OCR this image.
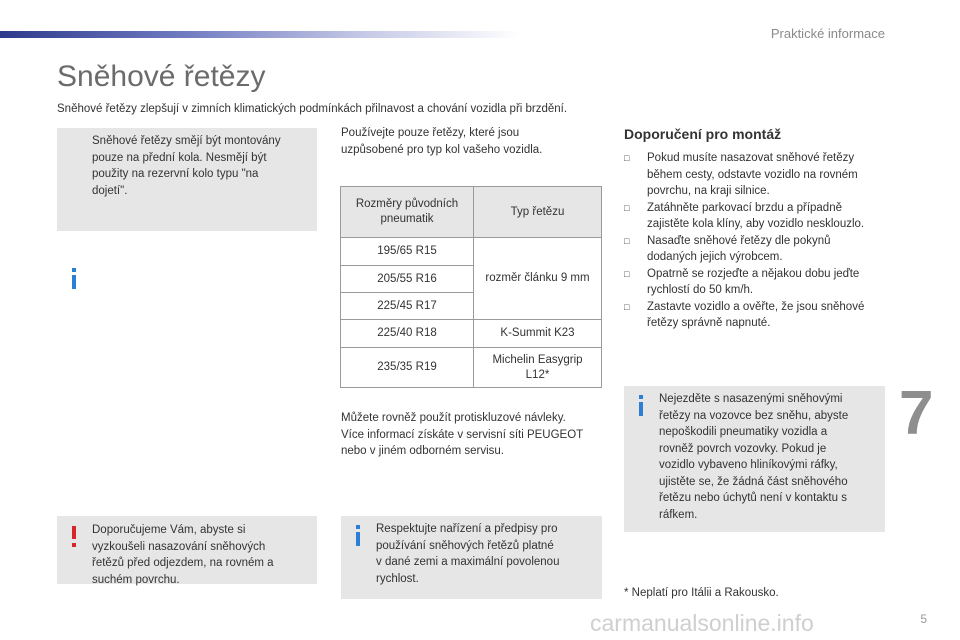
Praktické informace
Sněhové řetězy
Sněhové řetězy zlepšují v zimních klimatických podmínkách přilnavost a chování vozidla při brzdění.
Sněhové řetězy smějí být montovány
pouze na přední kola. Nesmějí být
použity na rezervní kolo typu "na
dojetí".
Používejte pouze řetězy, které jsou
uzpůsobené pro typ kol vašeho vozidla.
Rozměry původních pneumatik	Typ řetězu
195/65 R15	rozměr článku 9 mm
205/55 R16	
225/45 R17	
225/40 R18	K-Summit K23
235/35 R19	Michelin Easygrip L12*
Můžete rovněž použít protiskluzové návleky.
Více informací získáte v servisní síti PEUGEOT
nebo v jiném odborném servisu.
Doporučujeme Vám, abyste si
vyzkoušeli nasazování sněhových
řetězů před odjezdem, na rovném a
suchém povrchu.
Respektujte nařízení a předpisy pro
používání sněhových řetězů platné
v dané zemi a maximální povolenou
rychlost.
Doporučení pro montáž
□ Pokud musíte nasazovat sněhové řetězy
během cesty, odstavte vozidlo na rovném
povrchu, na kraji silnice.
□ Zatáhněte parkovací brzdu a případně
zajistěte kola klíny, aby vozidlo nesklouzlo.
□ Nasaďte sněhové řetězy dle pokynů
dodaných jejich výrobcem.
□ Opatrně se rozjeďte a nějakou dobu jeďte
rychlostí do 50 km/h.
□ Zastavte vozidlo a ověřte, že jsou sněhové
řetězy správně napnuté.
Nejezděte s nasazenými sněhovými
řetězy na vozovce bez sněhu, abyste
nepoškodili pneumatiky vozidla a
rovněž povrch vozovky. Pokud je
vozidlo vybaveno hliníkovými ráfky,
ujistěte se, že žádná část sněhového
řetězu nebo úchytů není v kontaktu s
ráfkem.
7
* Neplatí pro Itálii a Rakousko.
carmanualsonline.info	5
